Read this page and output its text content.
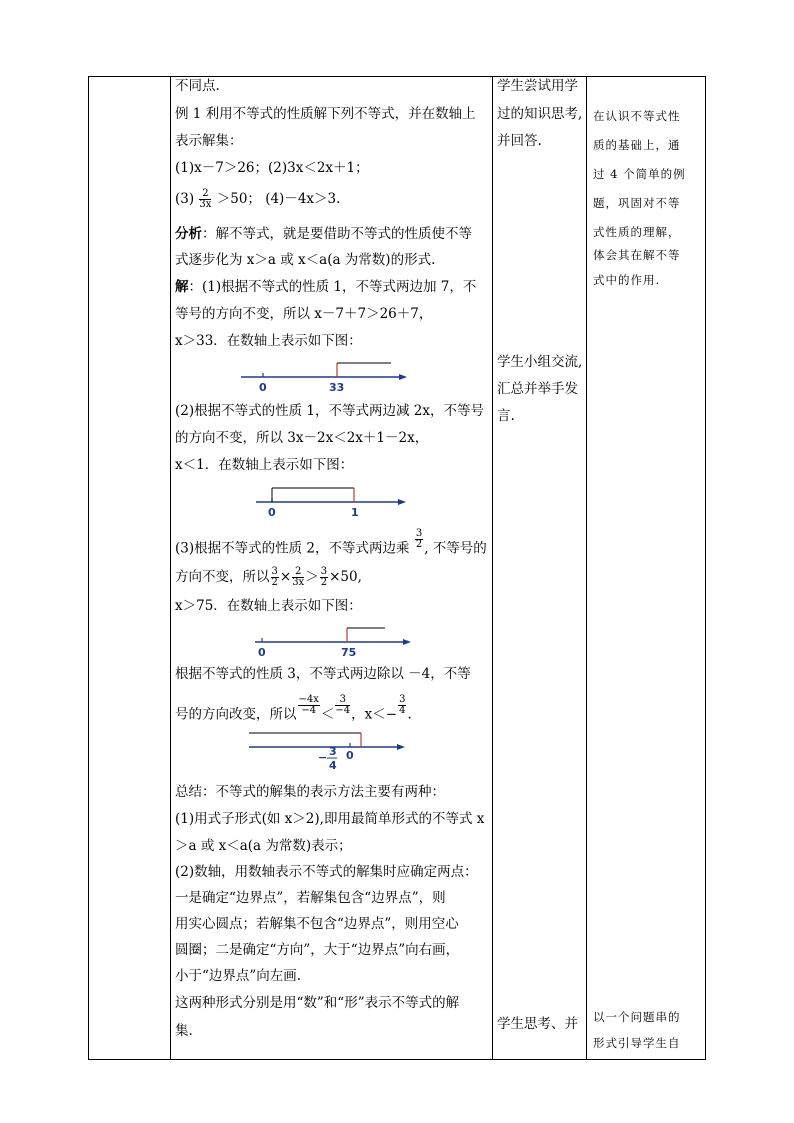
不同点.
例 1 利用不等式的性质解下列不等式，并在数轴上
表示解集：
(1)x－7＞26；(2)3x＜2x＋1；
$(3) \frac{2}{3x} >50$； (4)－4x＞3.
分析：解不等式，就是要借助不等式的性质使不等
式逐步化为 x＞a 或 x＜a(a 为常数)的形式.
解：(1)根据不等式的性质 1，不等式两边加 7，不
等号的方向不变，所以 x－7＋7＞26＋7，
x＞33．在数轴上表示如下图：
0	33
(2)根据不等式的性质 1，不等式两边减 2x，不等号
的方向不变，所以 3x－2x＜2x＋1－2x，
x＜1．在数轴上表示如下图：
0	1
(3)根据不等式的性质 2，不等式两边乘 $\frac{3}{2}$ , 不等号的
方向不变，所以 $\frac{3}{2} \times \frac{2}{3x} > \frac{3}{2} \times 50$,
x＞75．在数轴上表示如下图：
0	75
根据不等式的性质 3，不等式两边除以 －4，不等
号的方向改变，所以 $\frac{-4x}{-4} < \frac{3}{-4}$ ，$x<- \frac{3}{4}$ .
− 3
4
0
总结：不等式的解集的表示方法主要有两种：
(1)用式子形式(如 x＞2),即用最简单形式的不等式 x
＞a 或 x＜a(a 为常数)表示；
(2)数轴，用数轴表示不等式的解集时应确定两点：
一是确定“边界点”，若解集包含“边界点”，则
用实心圆点；若解集不包含“边界点”，则用空心
圆圈；二是确定“方向”，大于“边界点”向右画，
小于“边界点”向左画.
这两种形式分别是用“数”和“形”表示不等式的解
集.
学生尝试用学
过的知识思考,
并回答.
学生小组交流,
汇总并举手发
言.
学生思考、并
在认识不等式性
质的基础上，通
过 4 个简单的例
题，巩固对不等
式性质的理解，
体会其在解不等
式中的作用.
以一个问题串的
形式引导学生自
